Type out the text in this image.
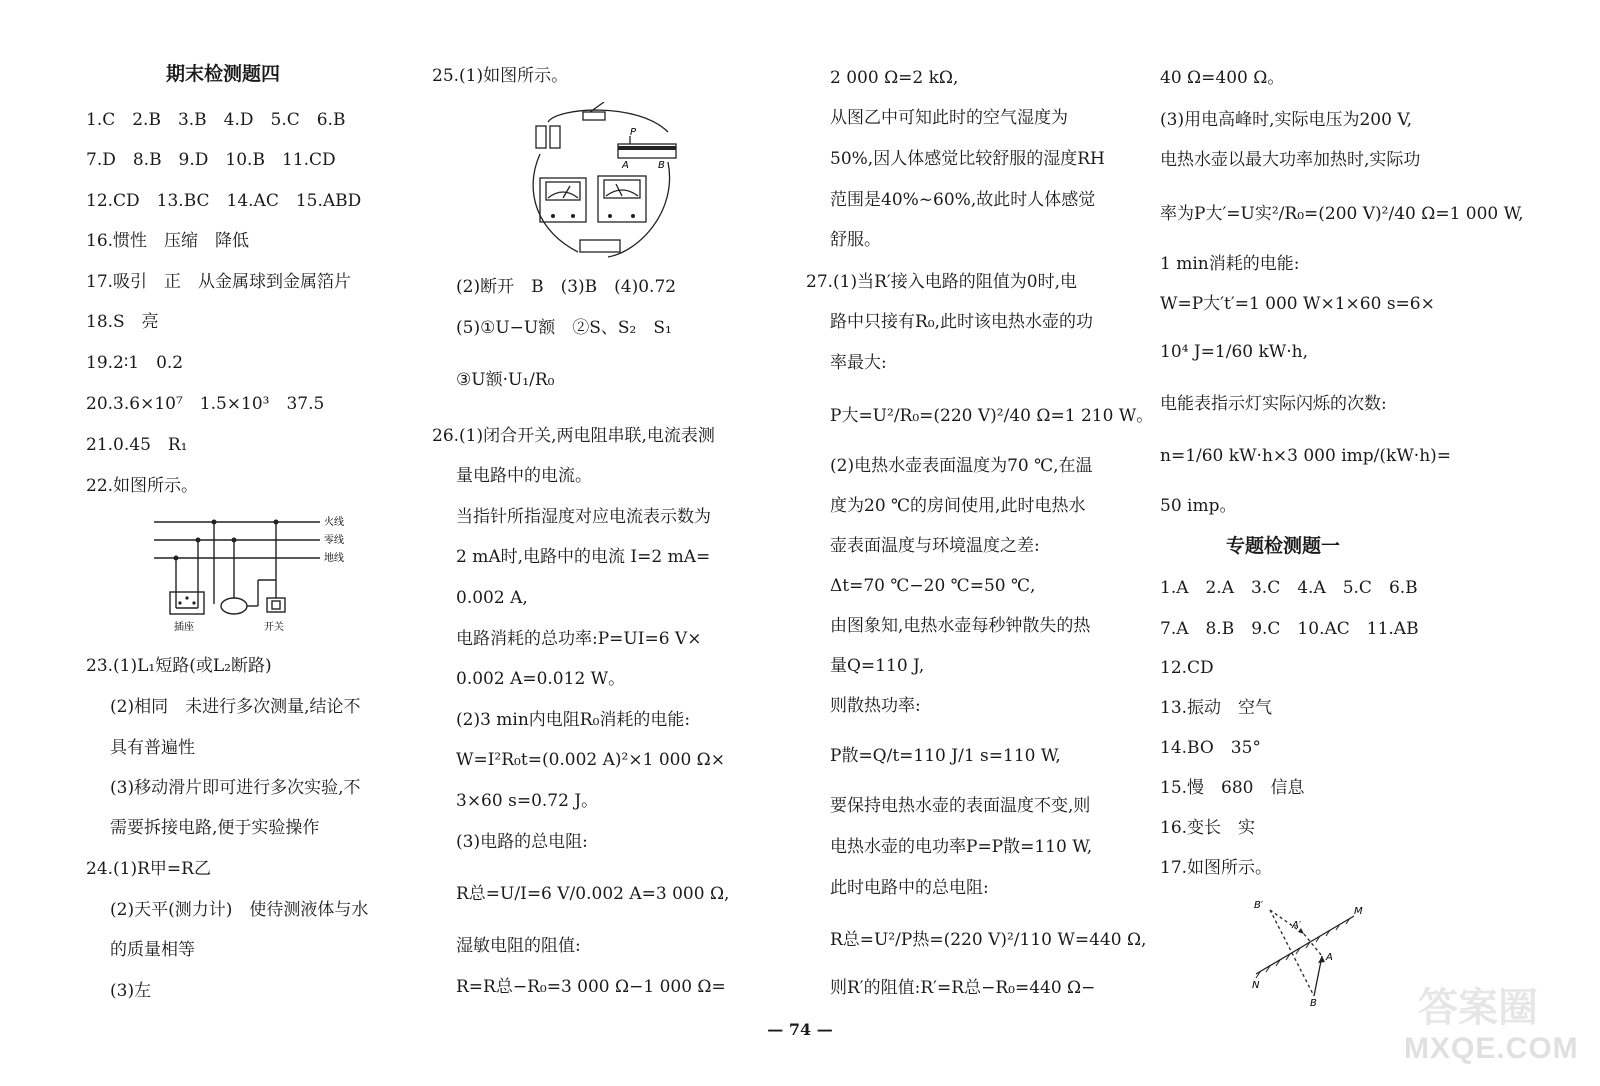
期末检测题四
1.C　2.B　3.B　4.D　5.C　6.B
7.D　8.B　9.D　10.B　11.CD
12.CD　13.BC　14.AC　15.ABD
16.惯性　压缩　降低
17.吸引　正　从金属球到金属箔片
18.S　亮
19.2∶1　0.2
20.3.6×10⁷　1.5×10³　37.5
21.0.45　R₁
22.如图所示。
火线
零线
地线
插座	开关
23.(1)L₁短路(或L₂断路)
(2)相同　未进行多次测量,结论不
具有普遍性
(3)移动滑片即可进行多次实验,不
需要拆接电路,便于实验操作
24.(1)R甲=R乙
(2)天平(测力计)　使待测液体与水
的质量相等
(3)左
25.(1)如图所示。
P
A	B
(2)断开　B　(3)B　(4)0.72
(5)①U−U额　②S、S₂　S₁
③U额·U₁/R₀
26.(1)闭合开关,两电阻串联,电流表测
量电路中的电流。
当指针所指湿度对应电流表示数为
2 mA时,电路中的电流 I=2 mA=
0.002 A,
电路消耗的总功率:P=UI=6 V×
0.002 A=0.012 W。
(2)3 min内电阻R₀消耗的电能:
W=I²R₀t=(0.002 A)²×1 000 Ω×
3×60 s=0.72 J。
(3)电路的总电阻:
R总=U/I=6 V/0.002 A=3 000 Ω,
湿敏电阻的阻值:
R=R总−R₀=3 000 Ω−1 000 Ω=
2 000 Ω=2 kΩ,
从图乙中可知此时的空气湿度为
50%,因人体感觉比较舒服的湿度RH
范围是40%~60%,故此时人体感觉
舒服。
27.(1)当R′接入电路的阻值为0时,电
路中只接有R₀,此时该电热水壶的功
率最大:
P大=U²/R₀=(220 V)²/40 Ω=1 210 W。
(2)电热水壶表面温度为70 ℃,在温
度为20 ℃的房间使用,此时电热水
壶表面温度与环境温度之差:
Δt=70 ℃−20 ℃=50 ℃,
由图象知,电热水壶每秒钟散失的热
量Q=110 J,
则散热功率:
P散=Q/t=110 J/1 s=110 W,
要保持电热水壶的表面温度不变,则
电热水壶的电功率P=P散=110 W,
此时电路中的总电阻:
R总=U²/P热=(220 V)²/110 W=440 Ω,
则R′的阻值:R′=R总−R₀=440 Ω−
40 Ω=400 Ω。
(3)用电高峰时,实际电压为200 V,
电热水壶以最大功率加热时,实际功
率为P大′=U实²/R₀=(200 V)²/40 Ω=1 000 W,
1 min消耗的电能:
W=P大′t′=1 000 W×1×60 s=6×
10⁴ J=1/60 kW·h,
电能表指示灯实际闪烁的次数:
n=1/60 kW·h×3 000 imp/(kW·h)=
50 imp。
专题检测题一
1.A　2.A　3.C　4.A　5.C　6.B
7.A　8.B　9.C　10.AC　11.AB
12.CD
13.振动　空气
14.BO　35°
15.慢　680　信息
16.变长　实
17.如图所示。
B′
A′
M
N
A
B
— 74 —	答案圈
MXQE.COM
